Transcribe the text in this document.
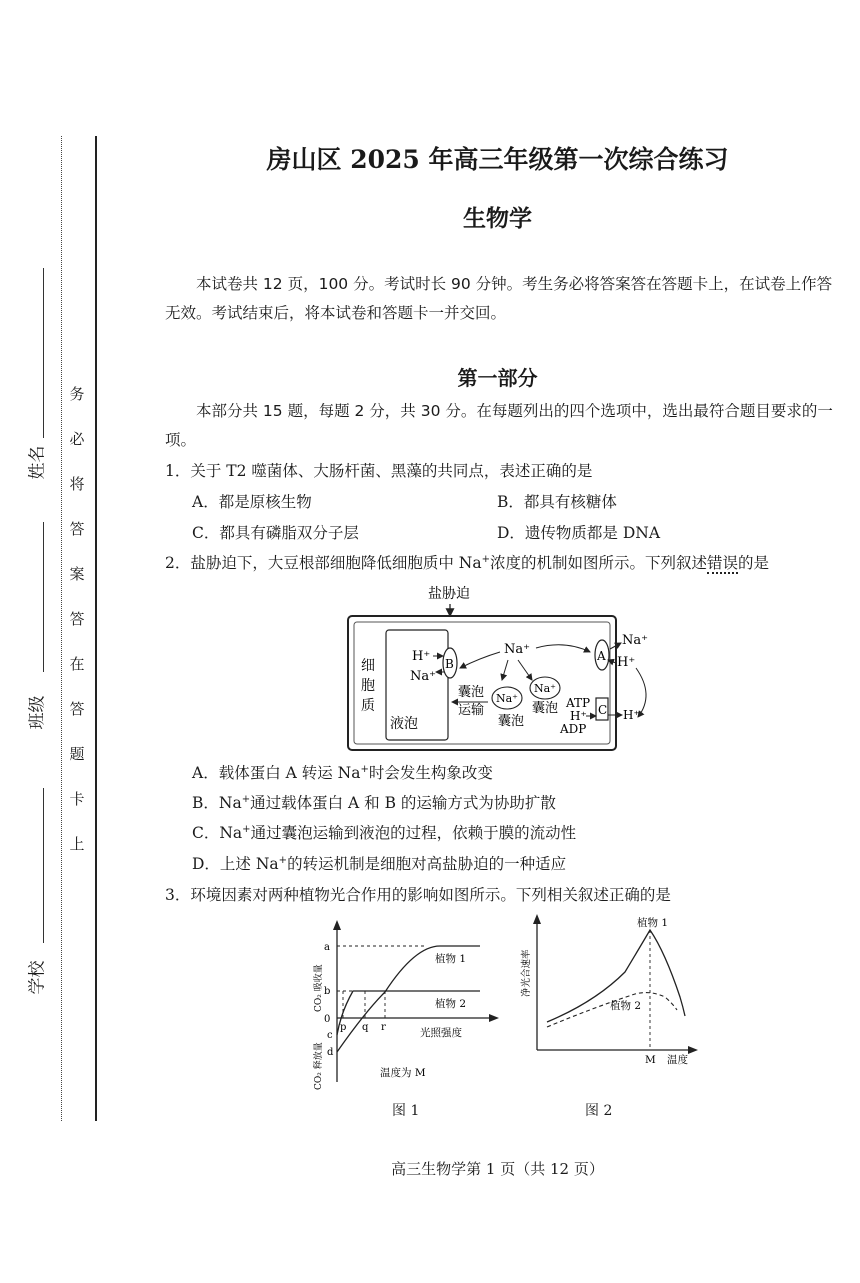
姓名
班级
学校
务
必
将
答
案
答
在
答
题
卡
上
房山区 2025 年高三年级第一次综合练习
生物学
本试卷共 12 页，100 分。考试时长 90 分钟。考生务必将答案答在答题卡上，在试卷上作答无效。考试结束后，将本试卷和答题卡一并交回。
第一部分
本部分共 15 题，每题 2 分，共 30 分。在每题列出的四个选项中，选出最符合题目要求的一项。
1．关于 T2 噬菌体、大肠杆菌、黑藻的共同点，表述正确的是
A．都是原核生物	B．都具有核糖体
C．都具有磷脂双分子层	D．遗传物质都是 DNA
2．盐胁迫下，大豆根部细胞降低细胞质中 Na+浓度的机制如图所示。下列叙述错误的是
盐胁迫
细
胞
质
液泡
B
H⁺
Na⁺
Na⁺
Na⁺
Na⁺
囊泡
囊泡
囊泡
运输
A
Na⁺
H⁺
C
ATP
H⁺
ADP
H⁺
A．载体蛋白 A 转运 Na+时会发生构象改变
B．Na+通过载体蛋白 A 和 B 的运输方式为协助扩散
C．Na+通过囊泡运输到液泡的过程，依赖于膜的流动性
D．上述 Na+的转运机制是细胞对高盐胁迫的一种适应
3．环境因素对两种植物光合作用的影响如图所示。下列相关叙述正确的是
a
b
0
c
d
p q r
植物 1
植物 2
光照强度
温度为 M
CO₂ 吸收量
CO₂ 释放量
图 1
植物 1
植物 2
M 温度
净光合速率
图 2
高三生物学第 1 页（共 12 页）
